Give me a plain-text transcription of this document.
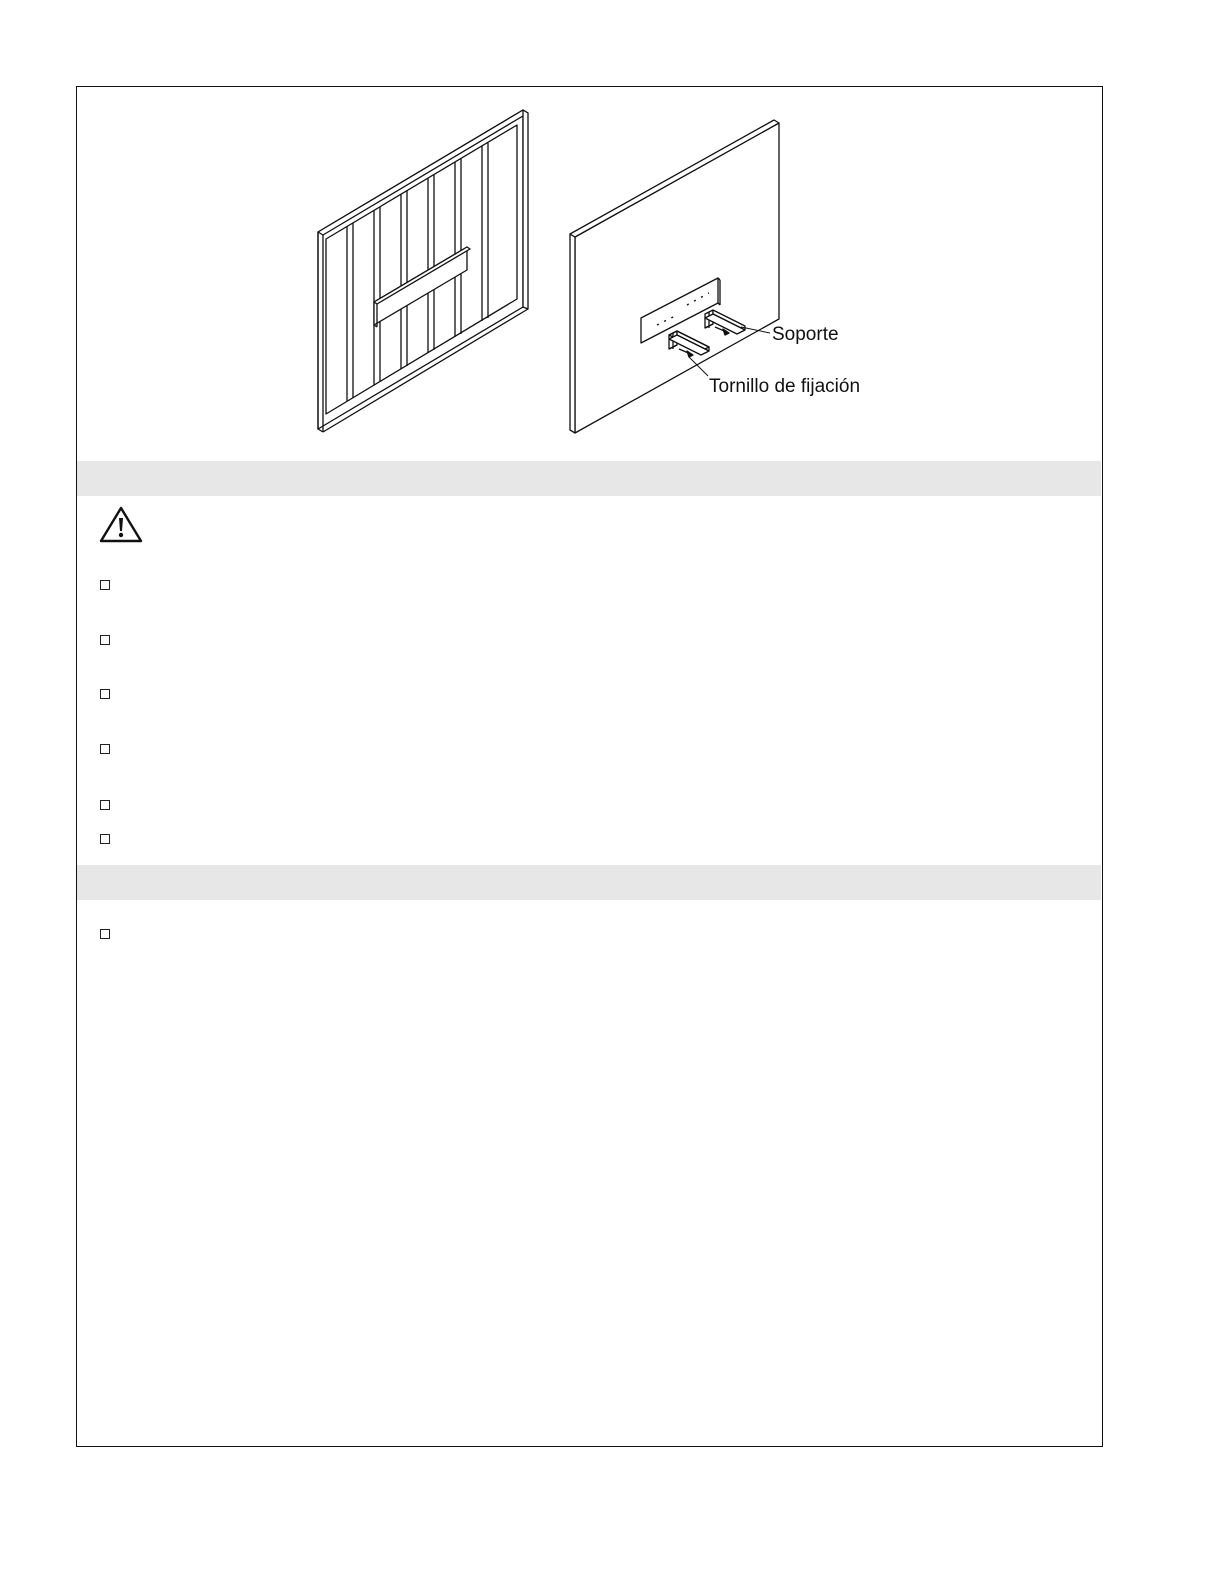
Soporte
Tornillo de fijación
